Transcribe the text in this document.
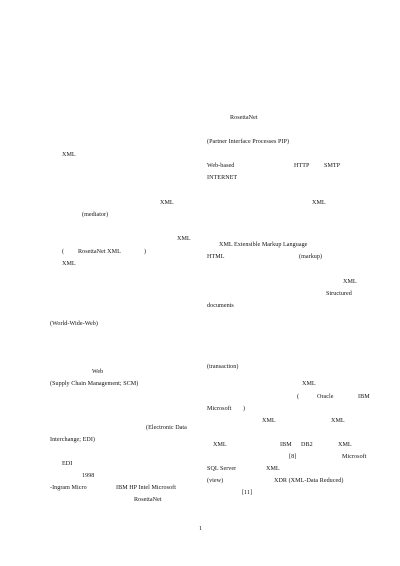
XML
XML
(mediator)
XML
( RosettaNet XML	)
XML
(World-Wide-Web)
Web
(Supply Chain Management; SCM)
(Electronic Data
Interchange; EDI)
EDI
1998
-Ingram Micro	IBM HP Intel Microsoft
RosettaNet
RosettaNet
(Partner Interface Processes PIP)
Web-based	HTTP SMTP
INTERNET
XML
XML Extensible Markup Language
HTML	(markup)
XML
Structured
documents
(transaction)
XML
(	Oracle	IBM
Microsoft )
XML	XML
XML	IBM DB2	XML
[8]	Microsoft
SQL Server	XML
(view)	XDR (XML-Data Reduced)
[11]
1
